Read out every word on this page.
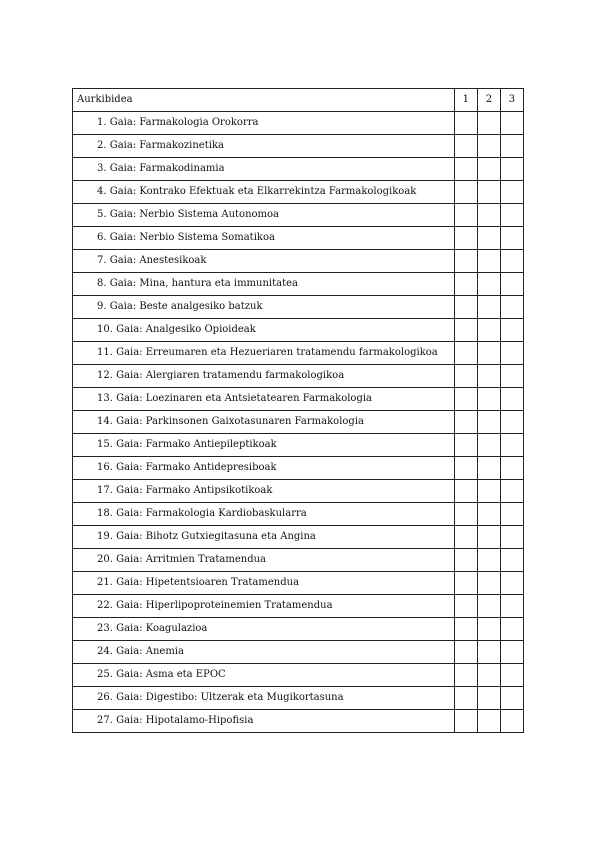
Aurkibidea	1	2	3
1. Gaia: Farmakologia Orokorra			
2. Gaia: Farmakozinetika			
3. Gaia: Farmakodinamia			
4. Gaia: Kontrako Efektuak eta Elkarrekintza Farmakologikoak			
5. Gaia: Nerbio Sistema Autonomoa			
6. Gaia: Nerbio Sistema Somatikoa			
7. Gaia: Anestesikoak			
8. Gaia: Mina, hantura eta immunitatea			
9. Gaia: Beste analgesiko batzuk			
10. Gaia: Analgesiko Opioideak			
11. Gaia: Erreumaren eta Hezueriaren tratamendu farmakologikoa			
12. Gaia: Alergiaren tratamendu farmakologikoa			
13. Gaia: Loezinaren eta Antsietatearen Farmakologia			
14. Gaia: Parkinsonen Gaixotasunaren Farmakologia			
15. Gaia: Farmako Antiepileptikoak			
16. Gaia: Farmako Antidepresiboak			
17. Gaia: Farmako Antipsikotikoak			
18. Gaia: Farmakologia Kardiobaskularra			
19. Gaia: Bihotz Gutxiegitasuna eta Angina			
20. Gaia: Arritmien Tratamendua			
21. Gaia: Hipetentsioaren Tratamendua			
22. Gaia: Hiperlipoproteinemien Tratamendua			
23. Gaia: Koagulazioa			
24. Gaia: Anemia			
25. Gaia: Asma eta EPOC			
26. Gaia: Digestibo: Ultzerak eta Mugikortasuna			
27. Gaia: Hipotalamo-Hipofisia			
